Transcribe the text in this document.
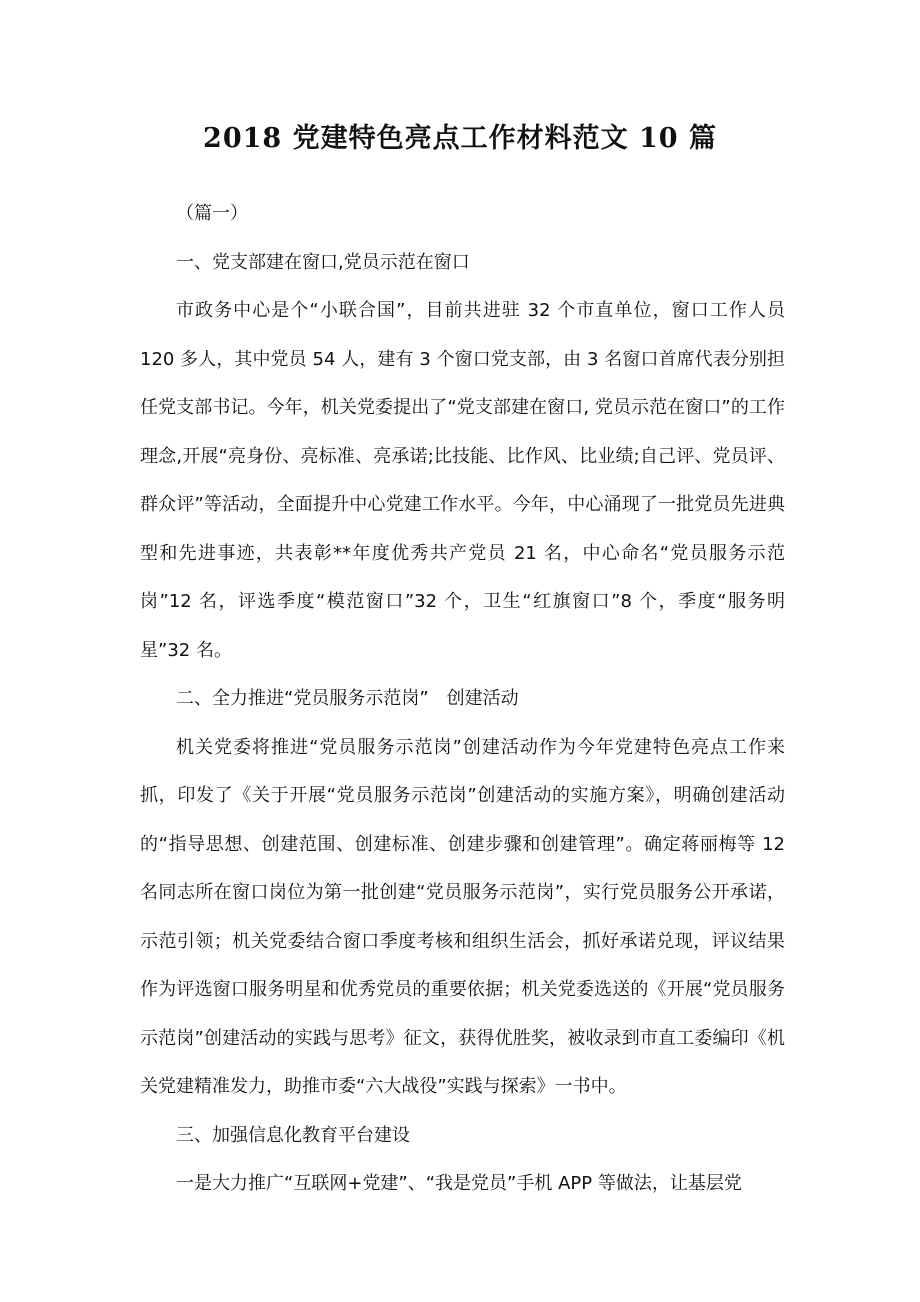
2018 党建特色亮点工作材料范文 10 篇

（篇一）

一、党支部建在窗口,党员示范在窗口

市政务中心是个“小联合国”，目前共进驻 32 个市直单位，窗口工作人员 120 多人，其中党员 54 人，建有 3 个窗口党支部，由 3 名窗口首席代表分别担任党支部书记。今年，机关党委提出了“党支部建在窗口, 党员示范在窗口”的工作理念,开展“亮身份、亮标准、亮承诺;比技能、比作风、比业绩;自己评、党员评、群众评”等活动，全面提升中心党建工作水平。今年，中心涌现了一批党员先进典型和先进事迹，共表彰**年度优秀共产党员 21 名，中心命名“党员服务示范岗”12 名，评选季度“模范窗口”32 个，卫生“红旗窗口”8 个，季度“服务明星”32 名。

二、全力推进“党员服务示范岗”　创建活动

机关党委将推进“党员服务示范岗”创建活动作为今年党建特色亮点工作来抓，印发了《关于开展“党员服务示范岗”创建活动的实施方案》，明确创建活动的“指导思想、创建范围、创建标准、创建步骤和创建管理”。确定蒋丽梅等 12 名同志所在窗口岗位为第一批创建“党员服务示范岗”，实行党员服务公开承诺，示范引领；机关党委结合窗口季度考核和组织生活会，抓好承诺兑现，评议结果作为评选窗口服务明星和优秀党员的重要依据；机关党委选送的《开展“党员服务示范岗”创建活动的实践与思考》征文，获得优胜奖，被收录到市直工委编印《机关党建精准发力，助推市委“六大战役”实践与探索》一书中。

三、加强信息化教育平台建设

一是大力推广“互联网+党建”、“我是党员”手机 APP 等做法，让基层党
